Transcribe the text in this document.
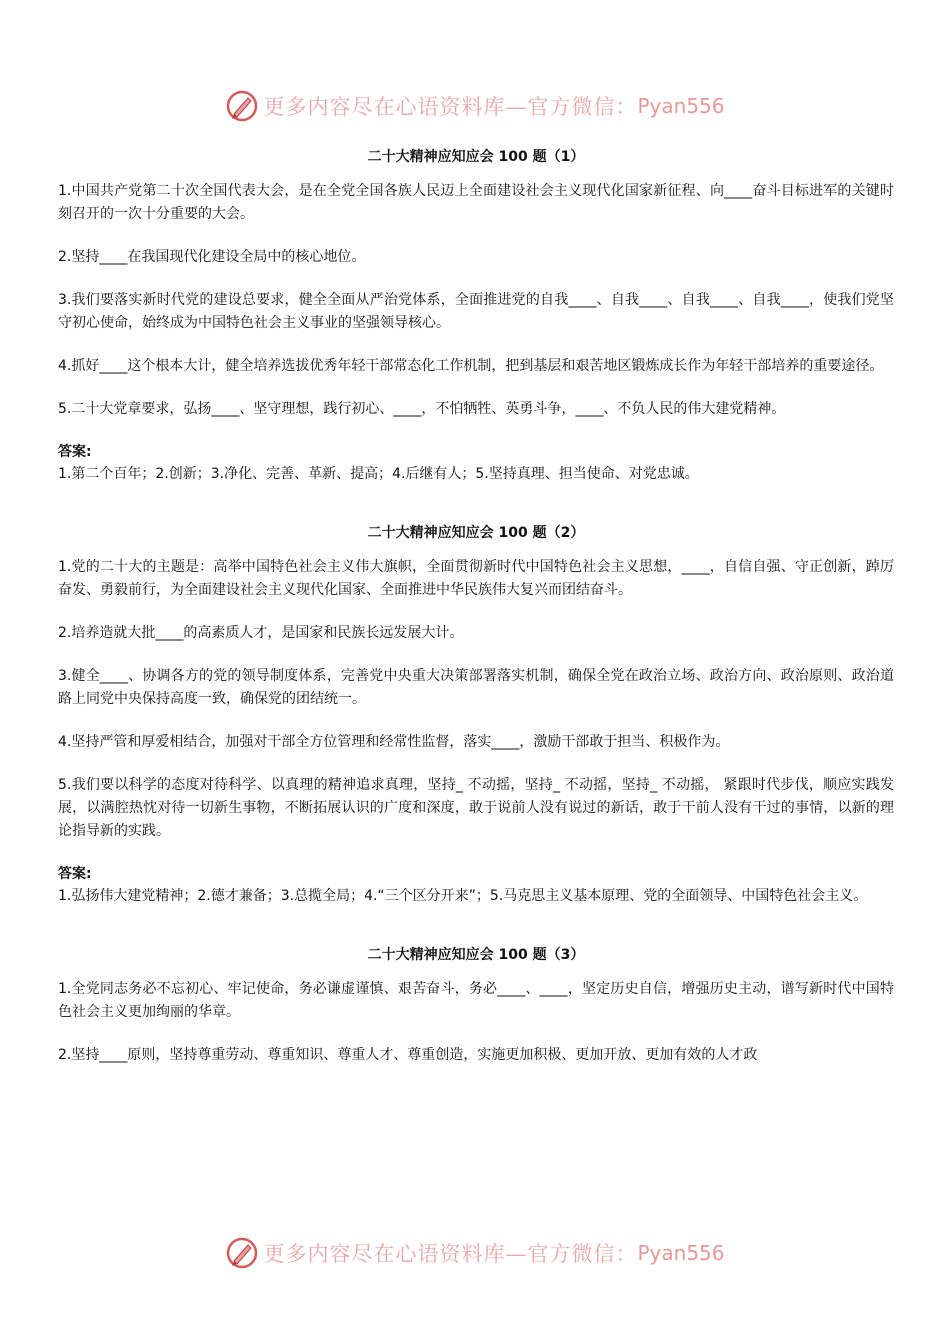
更多内容尽在心语资料库—官方微信： Pyan556

二十大精神应知应会 100 题（1）

1.中国共产党第二十次全国代表大会，是在全党全国各族人民迈上全面建设社会主义现代化国家新征程、向____奋斗目标进军的关键时刻召开的一次十分重要的大会。

2.坚持____在我国现代化建设全局中的核心地位。

3.我们要落实新时代党的建设总要求，健全全面从严治党体系，全面推进党的自我____、自我____、自我____、自我____，使我们党坚守初心使命，始终成为中国特色社会主义事业的坚强领导核心。

4.抓好____这个根本大计，健全培养选拔优秀年轻干部常态化工作机制，把到基层和艰苦地区锻炼成长作为年轻干部培养的重要途径。

5.二十大党章要求，弘扬____、坚守理想，践行初心、____，不怕牺牲、英勇斗争，____、不负人民的伟大建党精神。

答案:

1.第二个百年；2.创新；3.净化、完善、革新、提高；4.后继有人；5.坚持真理、担当使命、对党忠诚。

二十大精神应知应会 100 题（2）

1.党的二十大的主题是：高举中国特色社会主义伟大旗帜，全面贯彻新时代中国特色社会主义思想，____，自信自强、守正创新，踔厉奋发、勇毅前行，为全面建设社会主义现代化国家、全面推进中华民族伟大复兴而团结奋斗。

2.培养造就大批____的高素质人才，是国家和民族长远发展大计。

3.健全____、协调各方的党的领导制度体系，完善党中央重大决策部署落实机制，确保全党在政治立场、政治方向、政治原则、政治道路上同党中央保持高度一致，确保党的团结统一。

4.坚持严管和厚爱相结合，加强对干部全方位管理和经常性监督，落实____，激励干部敢于担当、积极作为。

5.我们要以科学的态度对待科学、以真理的精神追求真理，坚持_ 不动摇，坚持_ 不动摇，坚持_ 不动摇， 紧跟时代步伐，顺应实践发展，以满腔热忱对待一切新生事物，不断拓展认识的广度和深度，敢于说前人没有说过的新话，敢于干前人没有干过的事情，以新的理论指导新的实践。

答案:

1.弘扬伟大建党精神；2.德才兼备；3.总揽全局；4.“三个区分开来”；5.马克思主义基本原理、党的全面领导、中国特色社会主义。

二十大精神应知应会 100 题（3）

1.全党同志务必不忘初心、牢记使命，务必谦虚谨慎、艰苦奋斗，务必____、____，坚定历史自信，增强历史主动，谱写新时代中国特色社会主义更加绚丽的华章。

2.坚持____原则，坚持尊重劳动、尊重知识、尊重人才、尊重创造，实施更加积极、更加开放、更加有效的人才政

更多内容尽在心语资料库—官方微信： Pyan556
